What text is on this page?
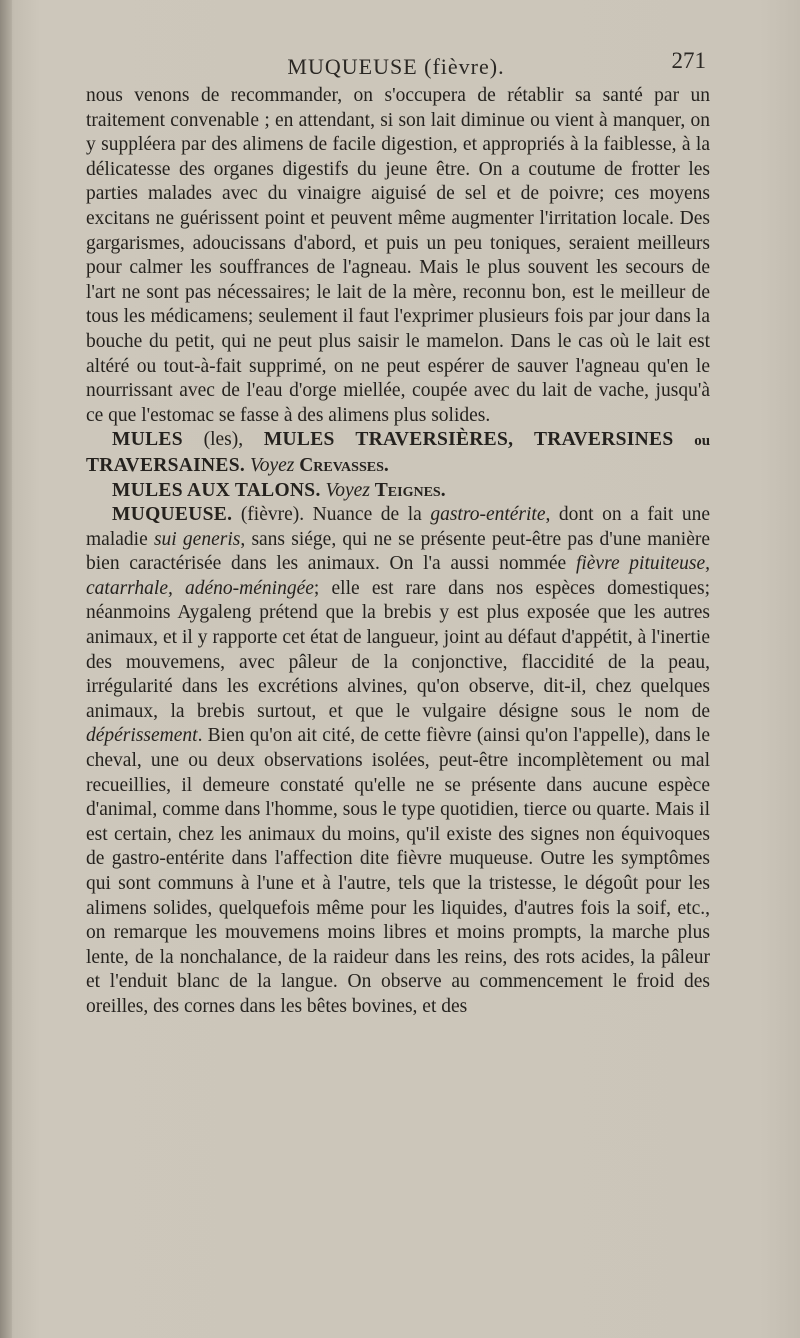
MUQUEUSE (fièvre).	271

nous venons de recommander, on s'occupera de rétablir sa santé par un traitement convenable ; en attendant, si son lait diminue ou vient à manquer, on y suppléera par des alimens de facile digestion, et appropriés à la faiblesse, à la délicatesse des organes digestifs du jeune être. On a coutume de frotter les parties malades avec du vinaigre aiguisé de sel et de poivre; ces moyens excitans ne guérissent point et peuvent même augmenter l'irritation locale. Des gargarismes, adoucissans d'abord, et puis un peu toniques, seraient meilleurs pour calmer les souffrances de l'agneau. Mais le plus souvent les secours de l'art ne sont pas nécessaires; le lait de la mère, reconnu bon, est le meilleur de tous les médicamens; seulement il faut l'exprimer plusieurs fois par jour dans la bouche du petit, qui ne peut plus saisir le mamelon. Dans le cas où le lait est altéré ou tout-à-fait supprimé, on ne peut espérer de sauver l'agneau qu'en le nourrissant avec de l'eau d'orge miellée, coupée avec du lait de vache, jusqu'à ce que l'estomac se fasse à des alimens plus solides.

MULES (les), MULES TRAVERSIÈRES, TRAVERSINES ou TRAVERSAINES. Voyez Crevasses.

MULES AUX TALONS. Voyez Teignes.

MUQUEUSE. (fièvre). Nuance de la gastro-entérite, dont on a fait une maladie sui generis, sans siége, qui ne se présente peut-être pas d'une manière bien caractérisée dans les animaux. On l'a aussi nommée fièvre pituiteuse, catarrhale, adéno-méningée; elle est rare dans nos espèces domestiques; néanmoins Aygaleng prétend que la brebis y est plus exposée que les autres animaux, et il y rapporte cet état de langueur, joint au défaut d'appétit, à l'inertie des mouvemens, avec pâleur de la conjonctive, flaccidité de la peau, irrégularité dans les excrétions alvines, qu'on observe, dit-il, chez quelques animaux, la brebis surtout, et que le vulgaire désigne sous le nom de dépérissement. Bien qu'on ait cité, de cette fièvre (ainsi qu'on l'appelle), dans le cheval, une ou deux observations isolées, peut-être incomplètement ou mal recueillies, il demeure constaté qu'elle ne se présente dans aucune espèce d'animal, comme dans l'homme, sous le type quotidien, tierce ou quarte. Mais il est certain, chez les animaux du moins, qu'il existe des signes non équivoques de gastro-entérite dans l'affection dite fièvre muqueuse. Outre les symptômes qui sont communs à l'une et à l'autre, tels que la tristesse, le dégoût pour les alimens solides, quelquefois même pour les liquides, d'autres fois la soif, etc., on remarque les mouvemens moins libres et moins prompts, la marche plus lente, de la nonchalance, de la raideur dans les reins, des rots acides, la pâleur et l'enduit blanc de la langue. On observe au commencement le froid des oreilles, des cornes dans les bêtes bovines, et des
